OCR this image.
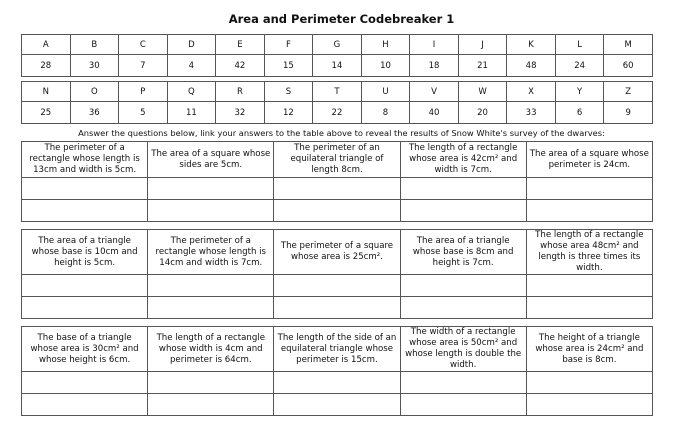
Area and Perimeter Codebreaker 1
A	B	C	D	E	F	G	H	I	J	K	L	M
28	30	7	4	42	15	14	10	18	21	48	24	60
N	O	P	Q	R	S	T	U	V	W	X	Y	Z
25	36	5	11	32	12	22	8	40	20	33	6	9
Answer the questions below, link your answers to the table above to reveal the results of Snow White's survey of the dwarves:
The perimeter of a rectangle whose length is 13cm and width is 5cm.	The area of a square whose sides are 5cm.	The perimeter of an equilateral triangle of length 8cm.	The length of a rectangle whose area is 42cm² and width is 7cm.	The area of a square whose perimeter is 24cm.

The area of a triangle whose base is 10cm and height is 5cm.	The perimeter of a rectangle whose length is 14cm and width is 7cm.	The perimeter of a square whose area is 25cm².	The area of a triangle whose base is 8cm and height is 7cm.	The length of a rectangle whose area 48cm² and length is three times its width.

The base of a triangle whose area is 30cm² and whose height is 6cm.	The length of a rectangle whose width is 4cm and perimeter is 64cm.	The length of the side of an equilateral triangle whose perimeter is 15cm.	The width of a rectangle whose area is 50cm² and whose length is double the width.	The height of a triangle whose area is 24cm² and base is 8cm.
